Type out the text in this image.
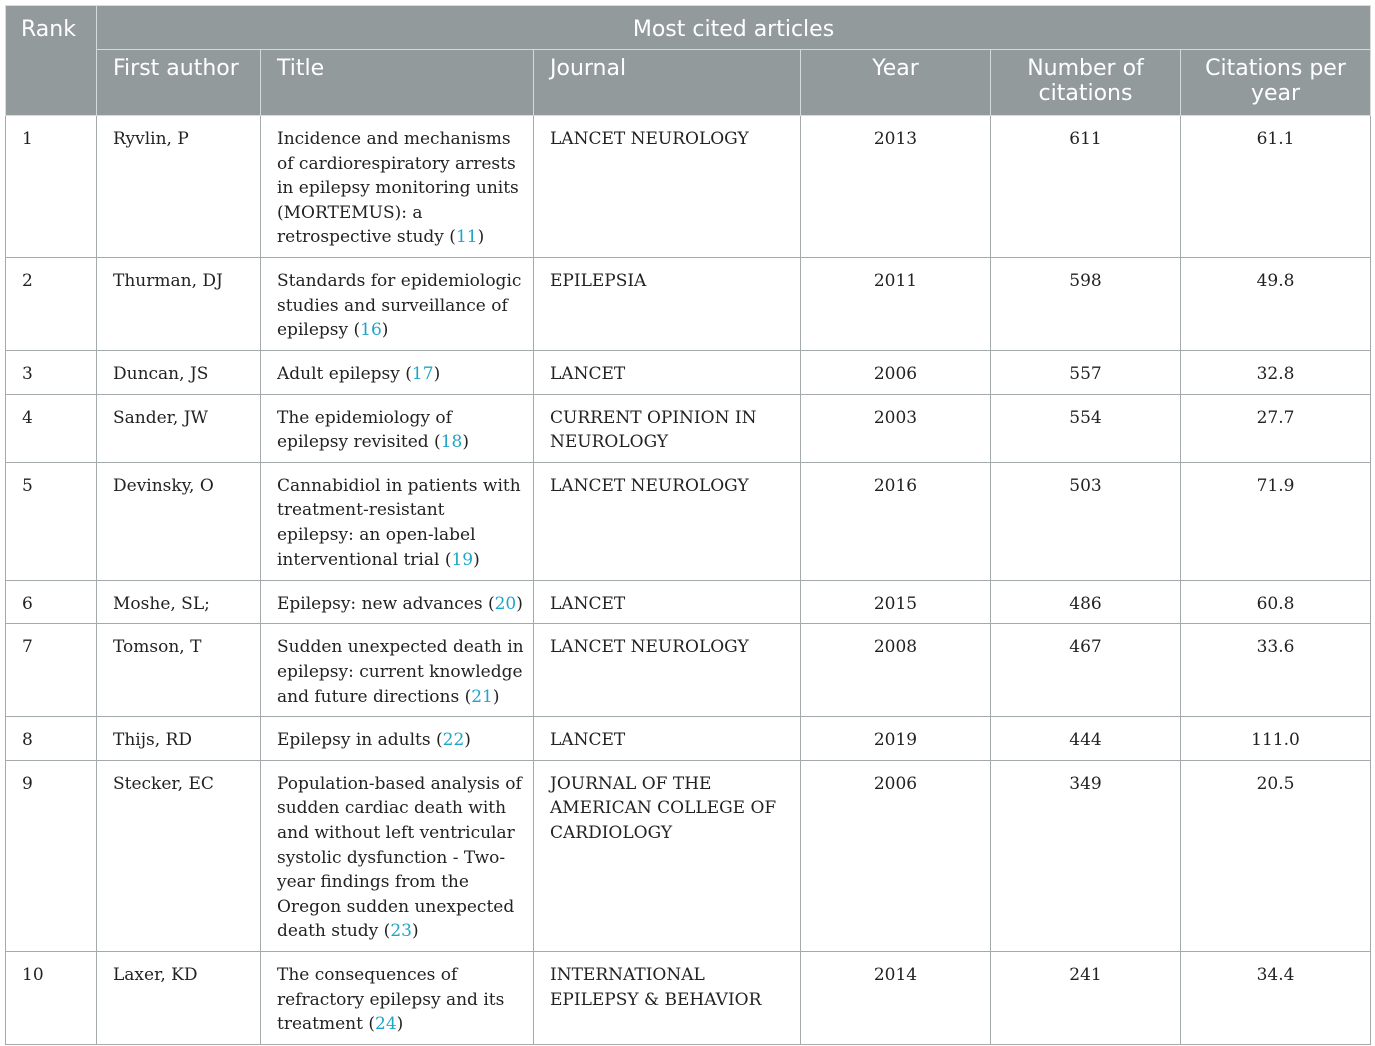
Rank	Most cited articles					
	First author	Title	Journal	Year	Number of citations	Citations per year
1	Ryvlin, P	Incidence and mechanisms of cardiorespiratory arrests in epilepsy monitoring units (MORTEMUS): a retrospective study (11)	LANCET NEUROLOGY	2013	611	61.1
2	Thurman, DJ	Standards for epidemiologic studies and surveillance of epilepsy (16)	EPILEPSIA	2011	598	49.8
3	Duncan, JS	Adult epilepsy (17)	LANCET	2006	557	32.8
4	Sander, JW	The epidemiology of epilepsy revisited (18)	CURRENT OPINION IN NEUROLOGY	2003	554	27.7
5	Devinsky, O	Cannabidiol in patients with treatment-resistant epilepsy: an open-label interventional trial (19)	LANCET NEUROLOGY	2016	503	71.9
6	Moshe, SL;	Epilepsy: new advances (20)	LANCET	2015	486	60.8
7	Tomson, T	Sudden unexpected death in epilepsy: current knowledge and future directions (21)	LANCET NEUROLOGY	2008	467	33.6
8	Thijs, RD	Epilepsy in adults (22)	LANCET	2019	444	111.0
9	Stecker, EC	Population-based analysis of sudden cardiac death with and without left ventricular systolic dysfunction - Two-year findings from the Oregon sudden unexpected death study (23)	JOURNAL OF THE AMERICAN COLLEGE OF CARDIOLOGY	2006	349	20.5
10	Laxer, KD	The consequences of refractory epilepsy and its treatment (24)	INTERNATIONAL EPILEPSY & BEHAVIOR	2014	241	34.4
